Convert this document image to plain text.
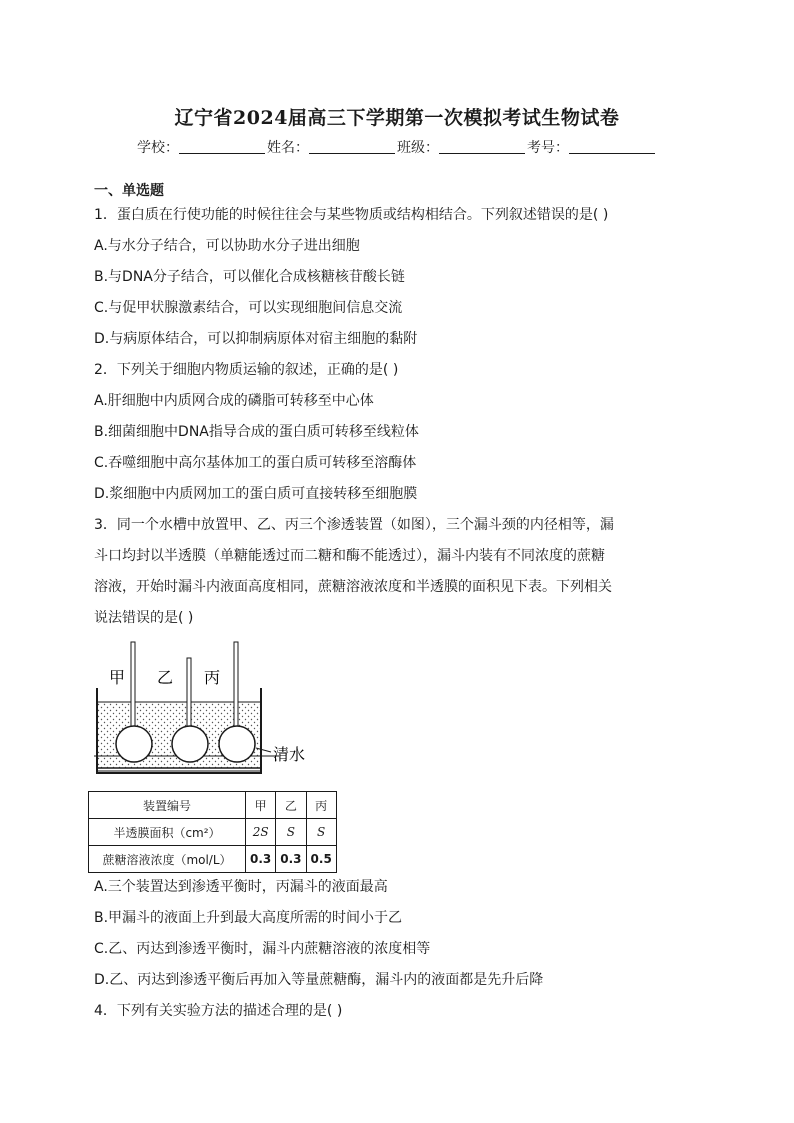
辽宁省2024届高三下学期第一次模拟考试生物试卷
学校：	姓名：	班级：	考号：
一、单选题
1．蛋白质在行使功能的时候往往会与某些物质或结构相结合。下列叙述错误的是( )
A.与水分子结合，可以协助水分子进出细胞
B.与DNA分子结合，可以催化合成核糖核苷酸长链
C.与促甲状腺激素结合，可以实现细胞间信息交流
D.与病原体结合，可以抑制病原体对宿主细胞的黏附
2．下列关于细胞内物质运输的叙述，正确的是( )
A.肝细胞中内质网合成的磷脂可转移至中心体
B.细菌细胞中DNA指导合成的蛋白质可转移至线粒体
C.吞噬细胞中高尔基体加工的蛋白质可转移至溶酶体
D.浆细胞中内质网加工的蛋白质可直接转移至细胞膜
3．同一个水槽中放置甲、乙、丙三个渗透装置（如图），三个漏斗颈的内径相等，漏
斗口均封以半透膜（单糖能透过而二糖和酶不能透过），漏斗内装有不同浓度的蔗糖
溶液，开始时漏斗内液面高度相同，蔗糖溶液浓度和半透膜的面积见下表。下列相关
说法错误的是( )
甲 乙 丙
清水
装置编号	甲	乙	丙
半透膜面积（cm²）	2S	S	S
蔗糖溶液浓度（mol/L）	0.3	0.3	0.5
A.三个装置达到渗透平衡时，丙漏斗的液面最高
B.甲漏斗的液面上升到最大高度所需的时间小于乙
C.乙、丙达到渗透平衡时，漏斗内蔗糖溶液的浓度相等
D.乙、丙达到渗透平衡后再加入等量蔗糖酶，漏斗内的液面都是先升后降
4．下列有关实验方法的描述合理的是( )
